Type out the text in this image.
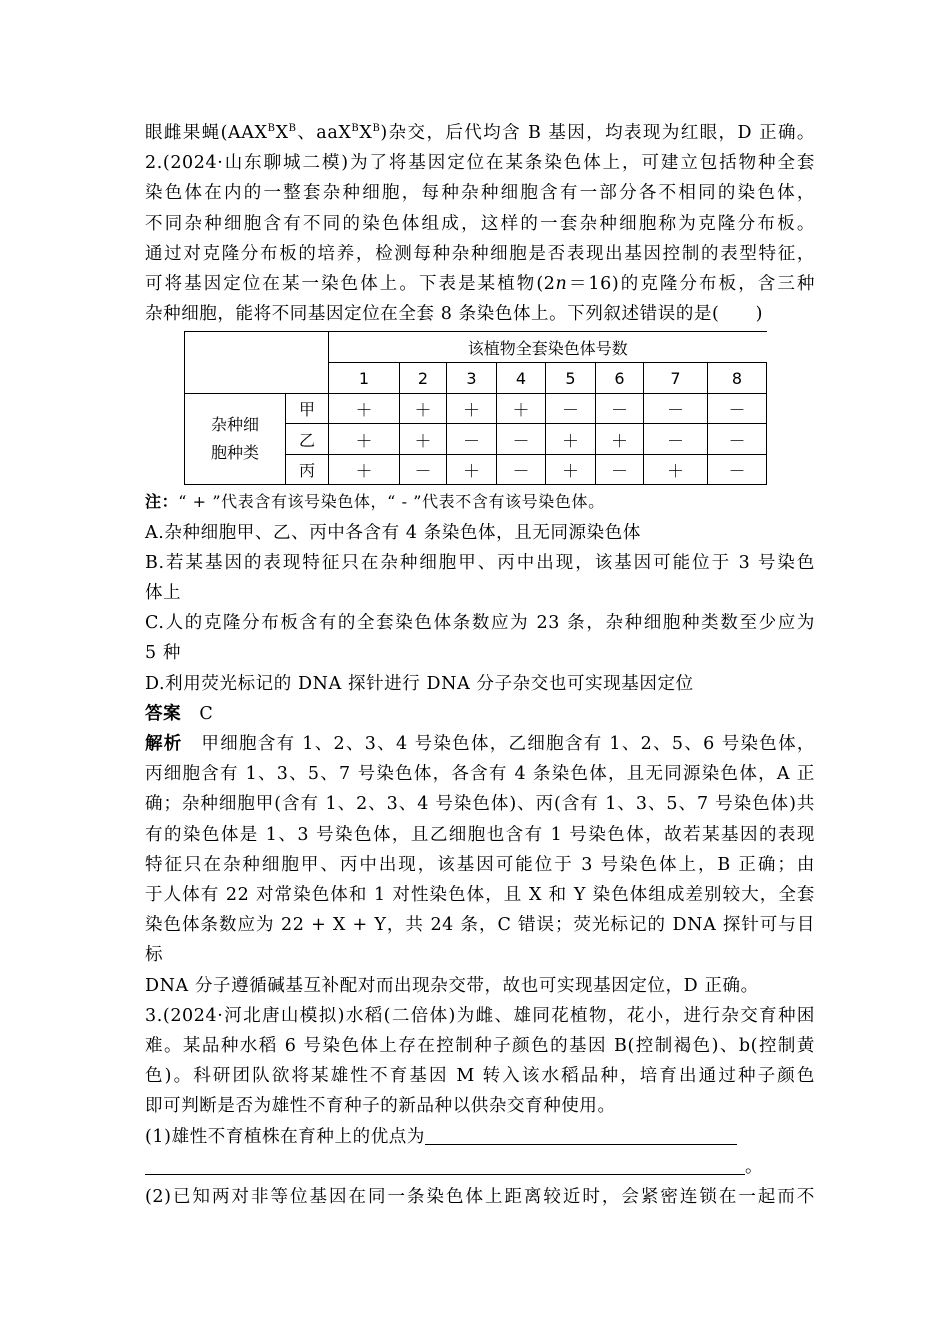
眼雌果蝇($AAX^BX^B$、$aaX^BX^B$)杂交，后代均含 B 基因，均表现为红眼，D 正确。
2.(2024·山东聊城二模)为了将基因定位在某条染色体上，可建立包括物种全套
染色体在内的一整套杂种细胞，每种杂种细胞含有一部分各不相同的染色体，
不同杂种细胞含有不同的染色体组成，这样的一套杂种细胞称为克隆分布板。
通过对克隆分布板的培养，检测每种杂种细胞是否表现出基因控制的表型特征，
可将基因定位在某一染色体上。下表是某植物(2n＝16)的克隆分布板，含三种
杂种细胞，能将不同基因定位在全套 8 条染色体上。下列叙述错误的是(　　)
		该植物全套染色体号数							
		1	2	3	4	5	6	7	8
杂种细
胞种类	甲	＋	＋	＋	＋	－	－	－	－
	乙	＋	＋	－	－	＋	＋	－	－
	丙	＋	－	＋	－	＋	－	＋	－
注：“ + ”代表含有该号染色体，“ - ”代表不含有该号染色体。
A.杂种细胞甲、乙、丙中各含有 4 条染色体，且无同源染色体
B.若某基因的表现特征只在杂种细胞甲、丙中出现，该基因可能位于 3 号染色
体上
C.人的克隆分布板含有的全套染色体条数应为 23 条，杂种细胞种类数至少应为
5 种
D.利用荧光标记的 DNA 探针进行 DNA 分子杂交也可实现基因定位
答案  C
解析  甲细胞含有 1、2、3、4 号染色体，乙细胞含有 1、2、5、6 号染色体，
丙细胞含有 1、3、5、7 号染色体，各含有 4 条染色体，且无同源染色体，A 正
确；杂种细胞甲(含有 1、2、3、4 号染色体)、丙(含有 1、3、5、7 号染色体)共
有的染色体是 1、3 号染色体，且乙细胞也含有 1 号染色体，故若某基因的表现
特征只在杂种细胞甲、丙中出现，该基因可能位于 3 号染色体上，B 正确；由
于人体有 22 对常染色体和 1 对性染色体，且 X 和 Y 染色体组成差别较大，全套
染色体条数应为 22 + X + Y，共 24 条，C 错误；荧光标记的 DNA 探针可与目标
DNA 分子遵循碱基互补配对而出现杂交带，故也可实现基因定位，D 正确。
3.(2024·河北唐山模拟)水稻(二倍体)为雌、雄同花植物，花小，进行杂交育种困
难。某品种水稻 6 号染色体上存在控制种子颜色的基因 B(控制褐色)、b(控制黄
色)。科研团队欲将某雄性不育基因 M 转入该水稻品种，培育出通过种子颜色
即可判断是否为雄性不育种子的新品种以供杂交育种使用。
(1)雄性不育植株在育种上的优点为
。
(2)已知两对非等位基因在同一条染色体上距离较近时，会紧密连锁在一起而不
